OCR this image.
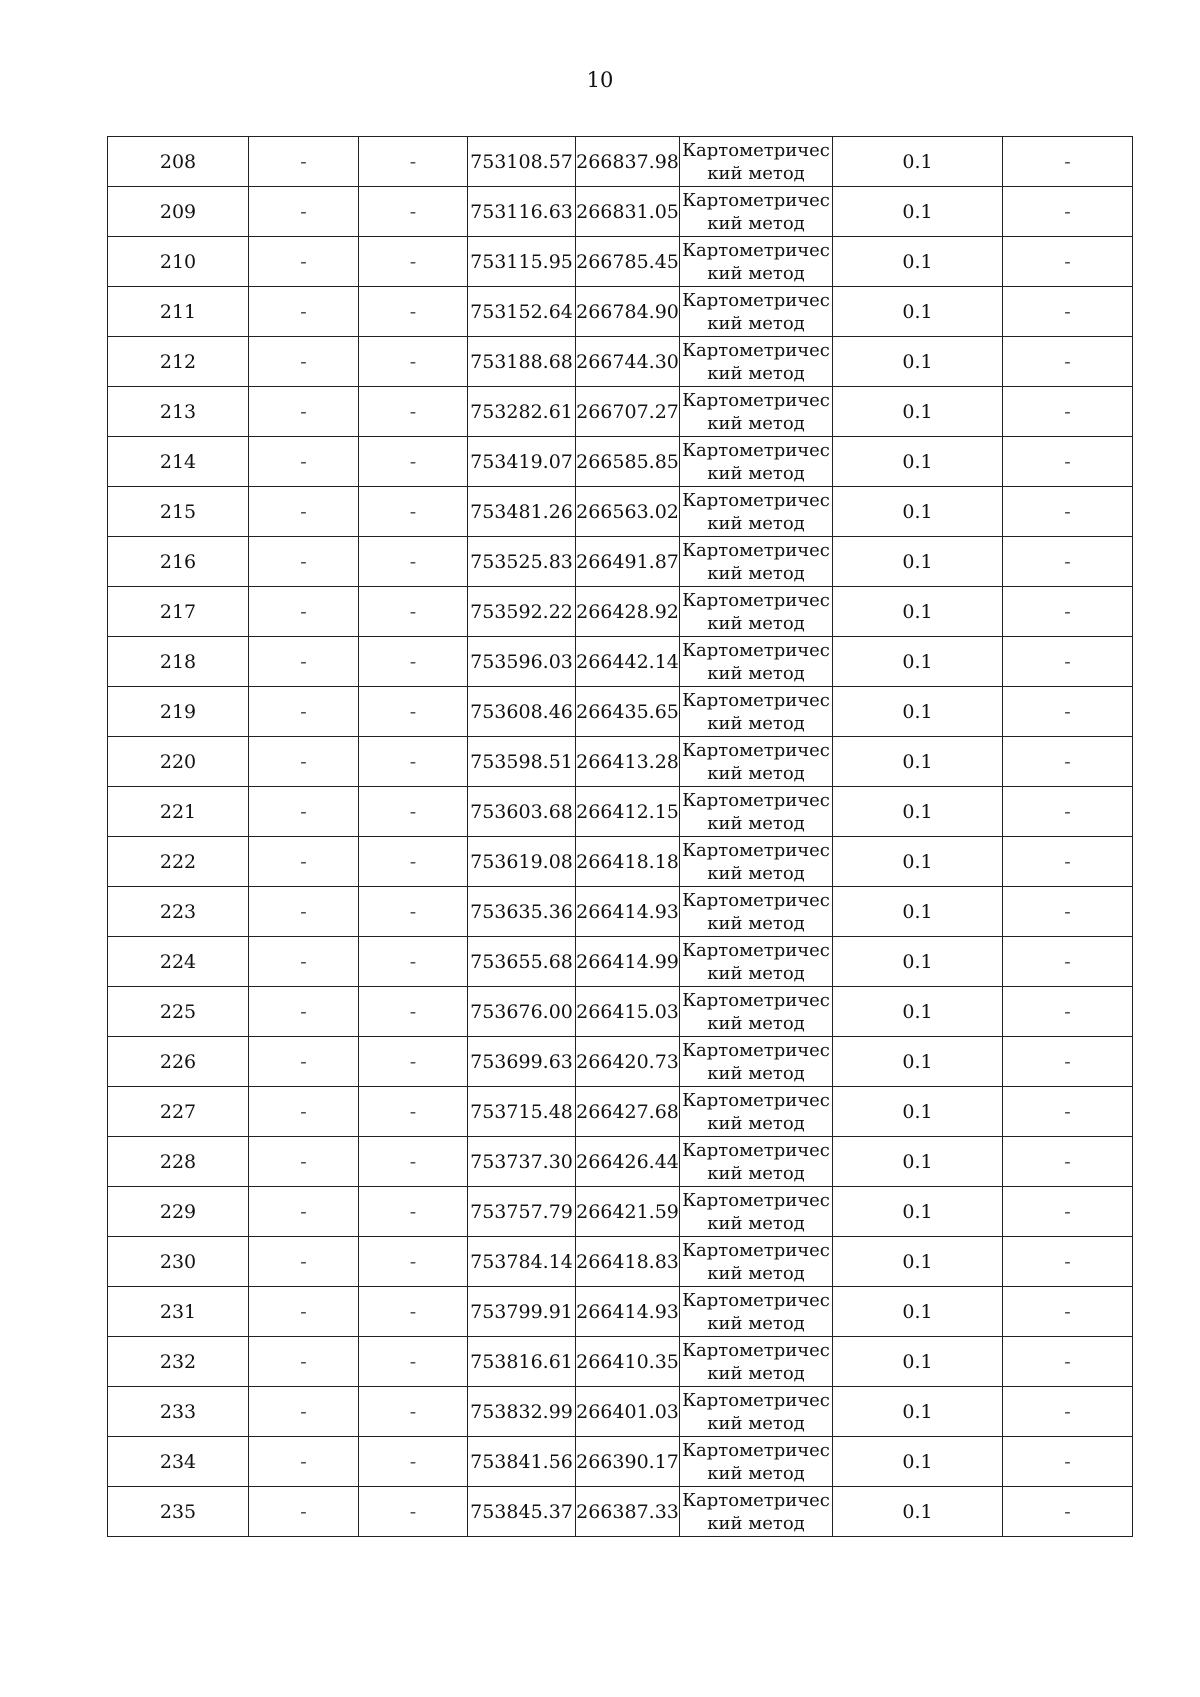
10
208	-	-	753108.57	266837.98	Картометричес
кий метод	0.1	-
209	-	-	753116.63	266831.05	Картометричес
кий метод	0.1	-
210	-	-	753115.95	266785.45	Картометричес
кий метод	0.1	-
211	-	-	753152.64	266784.90	Картометричес
кий метод	0.1	-
212	-	-	753188.68	266744.30	Картометричес
кий метод	0.1	-
213	-	-	753282.61	266707.27	Картометричес
кий метод	0.1	-
214	-	-	753419.07	266585.85	Картометричес
кий метод	0.1	-
215	-	-	753481.26	266563.02	Картометричес
кий метод	0.1	-
216	-	-	753525.83	266491.87	Картометричес
кий метод	0.1	-
217	-	-	753592.22	266428.92	Картометричес
кий метод	0.1	-
218	-	-	753596.03	266442.14	Картометричес
кий метод	0.1	-
219	-	-	753608.46	266435.65	Картометричес
кий метод	0.1	-
220	-	-	753598.51	266413.28	Картометричес
кий метод	0.1	-
221	-	-	753603.68	266412.15	Картометричес
кий метод	0.1	-
222	-	-	753619.08	266418.18	Картометричес
кий метод	0.1	-
223	-	-	753635.36	266414.93	Картометричес
кий метод	0.1	-
224	-	-	753655.68	266414.99	Картометричес
кий метод	0.1	-
225	-	-	753676.00	266415.03	Картометричес
кий метод	0.1	-
226	-	-	753699.63	266420.73	Картометричес
кий метод	0.1	-
227	-	-	753715.48	266427.68	Картометричес
кий метод	0.1	-
228	-	-	753737.30	266426.44	Картометричес
кий метод	0.1	-
229	-	-	753757.79	266421.59	Картометричес
кий метод	0.1	-
230	-	-	753784.14	266418.83	Картометричес
кий метод	0.1	-
231	-	-	753799.91	266414.93	Картометричес
кий метод	0.1	-
232	-	-	753816.61	266410.35	Картометричес
кий метод	0.1	-
233	-	-	753832.99	266401.03	Картометричес
кий метод	0.1	-
234	-	-	753841.56	266390.17	Картометричес
кий метод	0.1	-
235	-	-	753845.37	266387.33	Картометричес
кий метод	0.1	-
